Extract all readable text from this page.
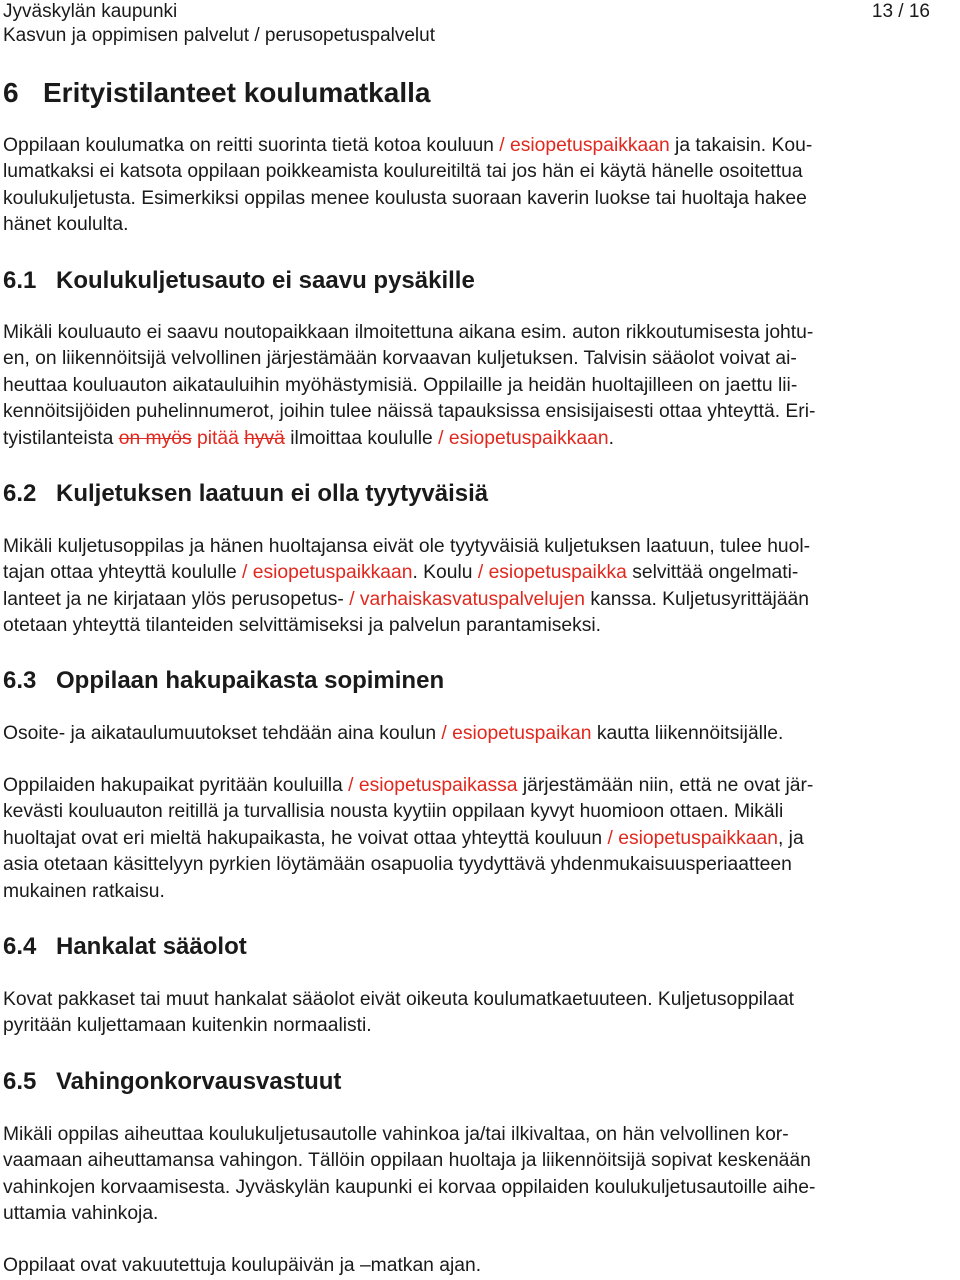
Jyväskylän kaupunki
Kasvun ja oppimisen palvelut / perusopetuspalvelut
13 / 16
6 Erityistilanteet koulumatkalla
Oppilaan koulumatka on reitti suorinta tietä kotoa kouluun / esiopetuspaikkaan ja takaisin. Kou-
lumatkaksi ei katsota oppilaan poikkeamista koulureitiltä tai jos hän ei käytä hänelle osoitettua
koulukuljetusta. Esimerkiksi oppilas menee koulusta suoraan kaverin luokse tai huoltaja hakee
hänet koululta.
6.1 Koulukuljetusauto ei saavu pysäkille
Mikäli kouluauto ei saavu noutopaikkaan ilmoitettuna aikana esim. auton rikkoutumisesta johtu-
en, on liikennöitsijä velvollinen järjestämään korvaavan kuljetuksen. Talvisin sääolot voivat ai-
heuttaa kouluauton aikatauluihin myöhästymisiä. Oppilaille ja heidän huoltajilleen on jaettu lii-
kennöitsijöiden puhelinnumerot, joihin tulee näissä tapauksissa ensisijaisesti ottaa yhteyttä. Eri-
tyistilanteista on myös pitää hyvä ilmoittaa koululle / esiopetuspaikkaan.
6.2 Kuljetuksen laatuun ei olla tyytyväisiä
Mikäli kuljetusoppilas ja hänen huoltajansa eivät ole tyytyväisiä kuljetuksen laatuun, tulee huol-
tajan ottaa yhteyttä koululle / esiopetuspaikkaan. Koulu / esiopetuspaikka selvittää ongelmati-
lanteet ja ne kirjataan ylös perusopetus- / varhaiskasvatuspalvelujen kanssa. Kuljetusyrittäjään
otetaan yhteyttä tilanteiden selvittämiseksi ja palvelun parantamiseksi.
6.3 Oppilaan hakupaikasta sopiminen
Osoite- ja aikataulumuutokset tehdään aina koulun / esiopetuspaikan kautta liikennöitsijälle.
Oppilaiden hakupaikat pyritään kouluilla / esiopetuspaikassa järjestämään niin, että ne ovat jär-
kevästi kouluauton reitillä ja turvallisia nousta kyytiin oppilaan kyvyt huomioon ottaen. Mikäli
huoltajat ovat eri mieltä hakupaikasta, he voivat ottaa yhteyttä kouluun / esiopetuspaikkaan, ja
asia otetaan käsittelyyn pyrkien löytämään osapuolia tyydyttävä yhdenmukaisuusperiaatteen
mukainen ratkaisu.
6.4 Hankalat sääolot
Kovat pakkaset tai muut hankalat sääolot eivät oikeuta koulumatkaetuuteen. Kuljetusoppilaat
pyritään kuljettamaan kuitenkin normaalisti.
6.5 Vahingonkorvausvastuut
Mikäli oppilas aiheuttaa koulukuljetusautolle vahinkoa ja/tai ilkivaltaa, on hän velvollinen kor-
vaamaan aiheuttamansa vahingon. Tällöin oppilaan huoltaja ja liikennöitsijä sopivat keskenään
vahinkojen korvaamisesta. Jyväskylän kaupunki ei korvaa oppilaiden koulukuljetusautoille aihe-
uttamia vahinkoja.
Oppilaat ovat vakuutettuja koulupäivän ja –matkan ajan.
